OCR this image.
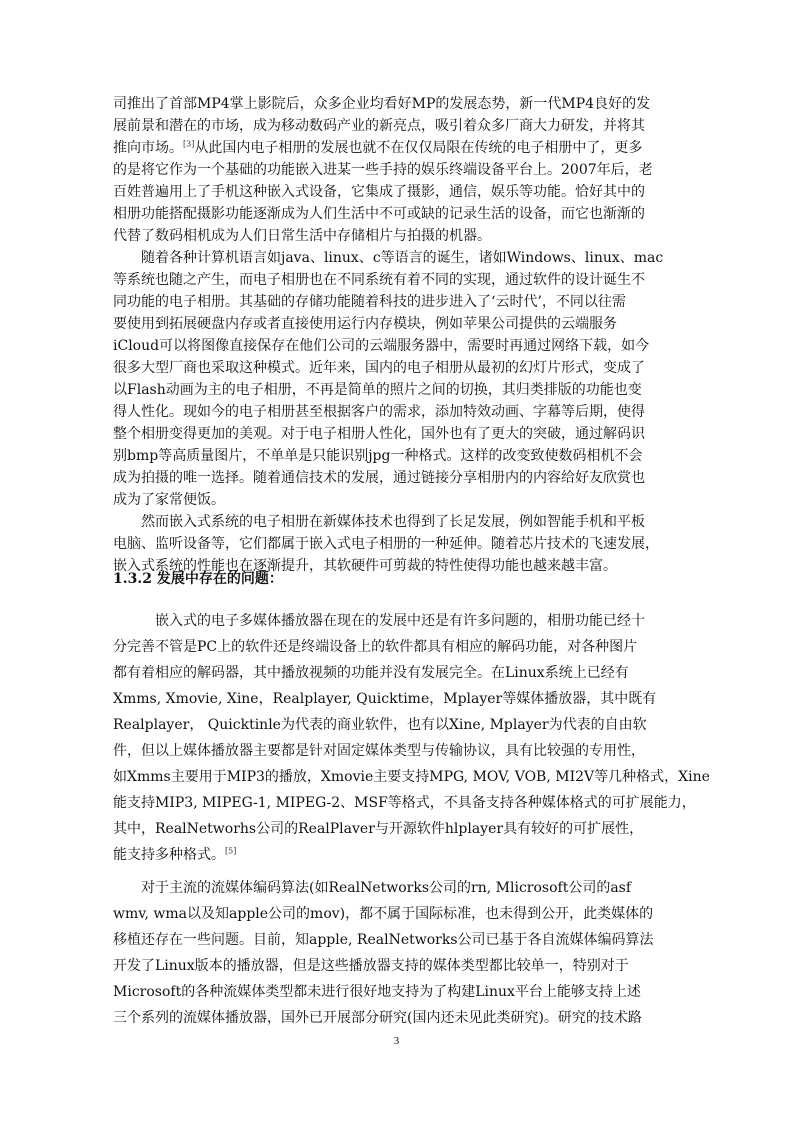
司推出了首部MP4掌上影院后，众多企业均看好MP的发展态势，新一代MP4良好的发
展前景和潜在的市场，成为移动数码产业的新亮点，吸引着众多厂商大力研发，并将其
推向市场。[3]从此国内电子相册的发展也就不在仅仅局限在传统的电子相册中了，更多
的是将它作为一个基础的功能嵌入进某一些手持的娱乐终端设备平台上。2007年后，老
百姓普遍用上了手机这种嵌入式设备，它集成了摄影，通信，娱乐等功能。恰好其中的
相册功能搭配摄影功能逐渐成为人们生活中不可或缺的记录生活的设备，而它也渐渐的
代替了数码相机成为人们日常生活中存储相片与拍摄的机器。
随着各种计算机语言如java、linux、c等语言的诞生，诸如Windows、linux、mac
等系统也随之产生，而电子相册也在不同系统有着不同的实现，通过软件的设计诞生不
同功能的电子相册。其基础的存储功能随着科技的进步进入了‘云时代’，不同以往需
要使用到拓展硬盘内存或者直接使用运行内存模块，例如苹果公司提供的云端服务
iCloud可以将图像直接保存在他们公司的云端服务器中，需要时再通过网络下载，如今
很多大型厂商也采取这种模式。近年来，国内的电子相册从最初的幻灯片形式，变成了
以Flash动画为主的电子相册，不再是简单的照片之间的切换，其归类排版的功能也变
得人性化。现如今的电子相册甚至根据客户的需求，添加特效动画、字幕等后期，使得
整个相册变得更加的美观。对于电子相册人性化，国外也有了更大的突破，通过解码识
别bmp等高质量图片，不单单是只能识别jpg一种格式。这样的改变致使数码相机不会
成为拍摄的唯一选择。随着通信技术的发展，通过链接分享相册内的内容给好友欣赏也
成为了家常便饭。
然而嵌入式系统的电子相册在新媒体技术也得到了长足发展，例如智能手机和平板
电脑、监听设备等，它们都属于嵌入式电子相册的一种延伸。随着芯片技术的飞速发展，
嵌入式系统的性能也在逐渐提升，其软硬件可剪裁的特性使得功能也越来越丰富。
1.3.2 发展中存在的问题：
嵌入式的电子多媒体播放器在现在的发展中还是有许多问题的，相册功能已经十
分完善不管是PC上的软件还是终端设备上的软件都具有相应的解码功能，对各种图片
都有着相应的解码器，其中播放视频的功能并没有发展完全。在Linux系统上已经有
Xmms, Xmovie, Xine，Realplayer, Quicktime，Mplayer等媒体播放器，其中既有
Realplayer， Quicktinle为代表的商业软件，也有以Xine, Mplayer为代表的自由软
件，但以上媒体播放器主要都是针对固定媒体类型与传输协议，具有比较强的专用性，
如Xmms主要用于MIP3的播放，Xmovie主要支持MPG, MOV, VOB, MI2V等几种格式，Xine
能支持MIP3, MIPEG-1, MIPEG-2、MSF等格式，不具备支持各种媒体格式的可扩展能力，
其中，RealNetworhs公司的RealPlaver与开源软件hlplayer具有较好的可扩展性，
能支持多种格式。[5]
对于主流的流媒体编码算法(如RealNetworks公司的rn, Mlicrosoft公司的asf
wmv, wma以及知apple公司的mov)，都不属于国际标准，也未得到公开，此类媒体的
移植还存在一些问题。目前，知apple, RealNetworks公司已基于各自流媒体编码算法
开发了Linux版本的播放器，但是这些播放器支持的媒体类型都比较单一，特别对于
Microsoft的各种流媒体类型都未进行很好地支持为了构建Linux平台上能够支持上述
三个系列的流媒体播放器，国外已开展部分研究(国内还未见此类研究)。研究的技术路
3
